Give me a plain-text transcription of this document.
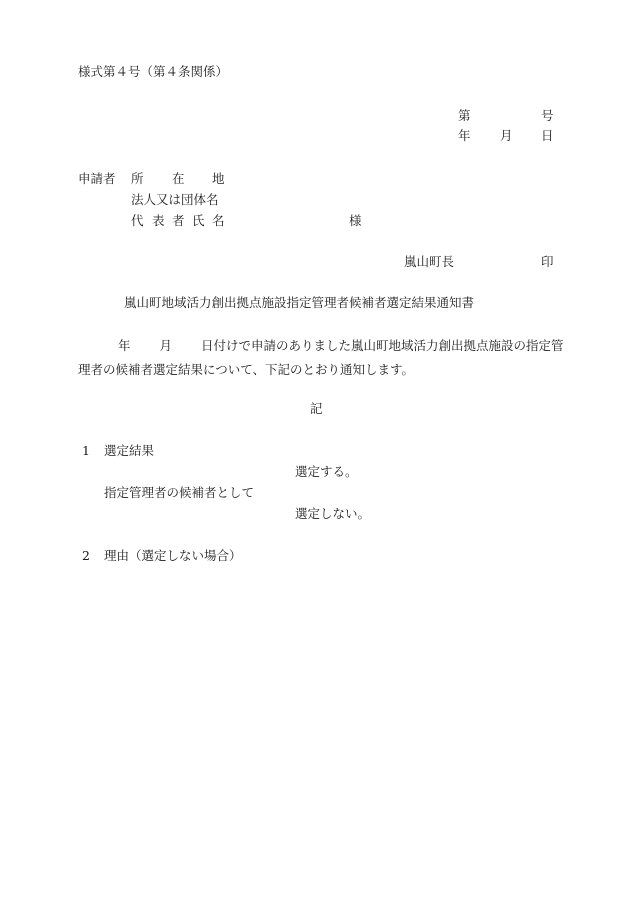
様式第４号（第４条関係）
第	号
年 月 日
申請者 所 在 地
法人又は団体名
代 表 者 氏 名	様
嵐山町長	印
嵐山町地域活力創出拠点施設指定管理者候補者選定結果通知書
年 月 日付けで申請のありました嵐山町地域活力創出拠点施設の指定管理者の候補者選定結果について、下記のとおり通知します。
記
1 選定結果
選定する。
指定管理者の候補者として
選定しない。
2 理由（選定しない場合）
